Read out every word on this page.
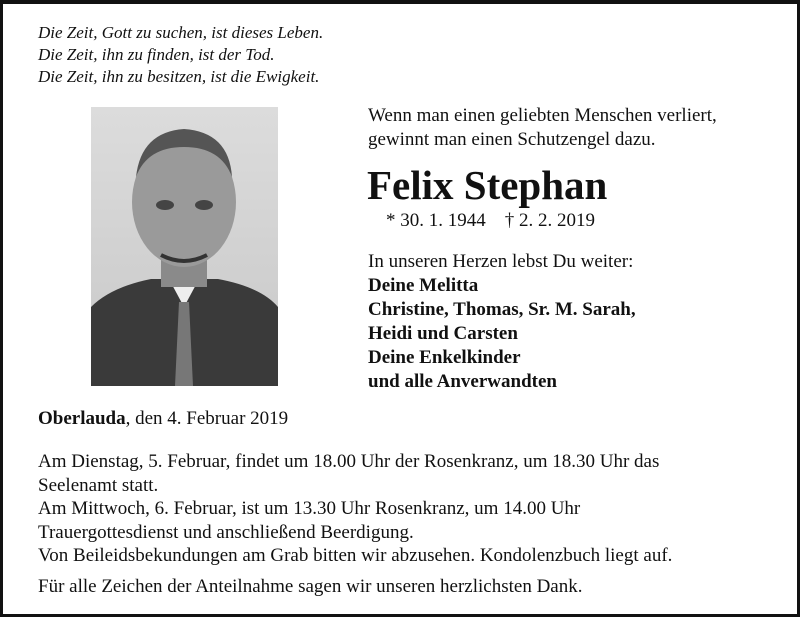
Die Zeit, Gott zu suchen, ist dieses Leben.
Die Zeit, ihn zu finden, ist der Tod.
Die Zeit, ihn zu besitzen, ist die Ewigkeit.
Wenn man einen geliebten Menschen verliert,
gewinnt man einen Schutzengel dazu.
Felix Stephan
* 30. 1. 1944 † 2. 2. 2019
In unseren Herzen lebst Du weiter:
Deine Melitta
Christine, Thomas, Sr. M. Sarah,
Heidi und Carsten
Deine Enkelkinder
und alle Anverwandten
Oberlauda, den 4. Februar 2019
Am Dienstag, 5. Februar, findet um 18.00 Uhr der Rosenkranz, um 18.30 Uhr das
Seelenamt statt.
Am Mittwoch, 6. Februar, ist um 13.30 Uhr Rosenkranz, um 14.00 Uhr
Trauergottesdienst und anschließend Beerdigung.
Von Beileidsbekundungen am Grab bitten wir abzusehen. Kondolenzbuch liegt auf.
Für alle Zeichen der Anteilnahme sagen wir unseren herzlichsten Dank.
